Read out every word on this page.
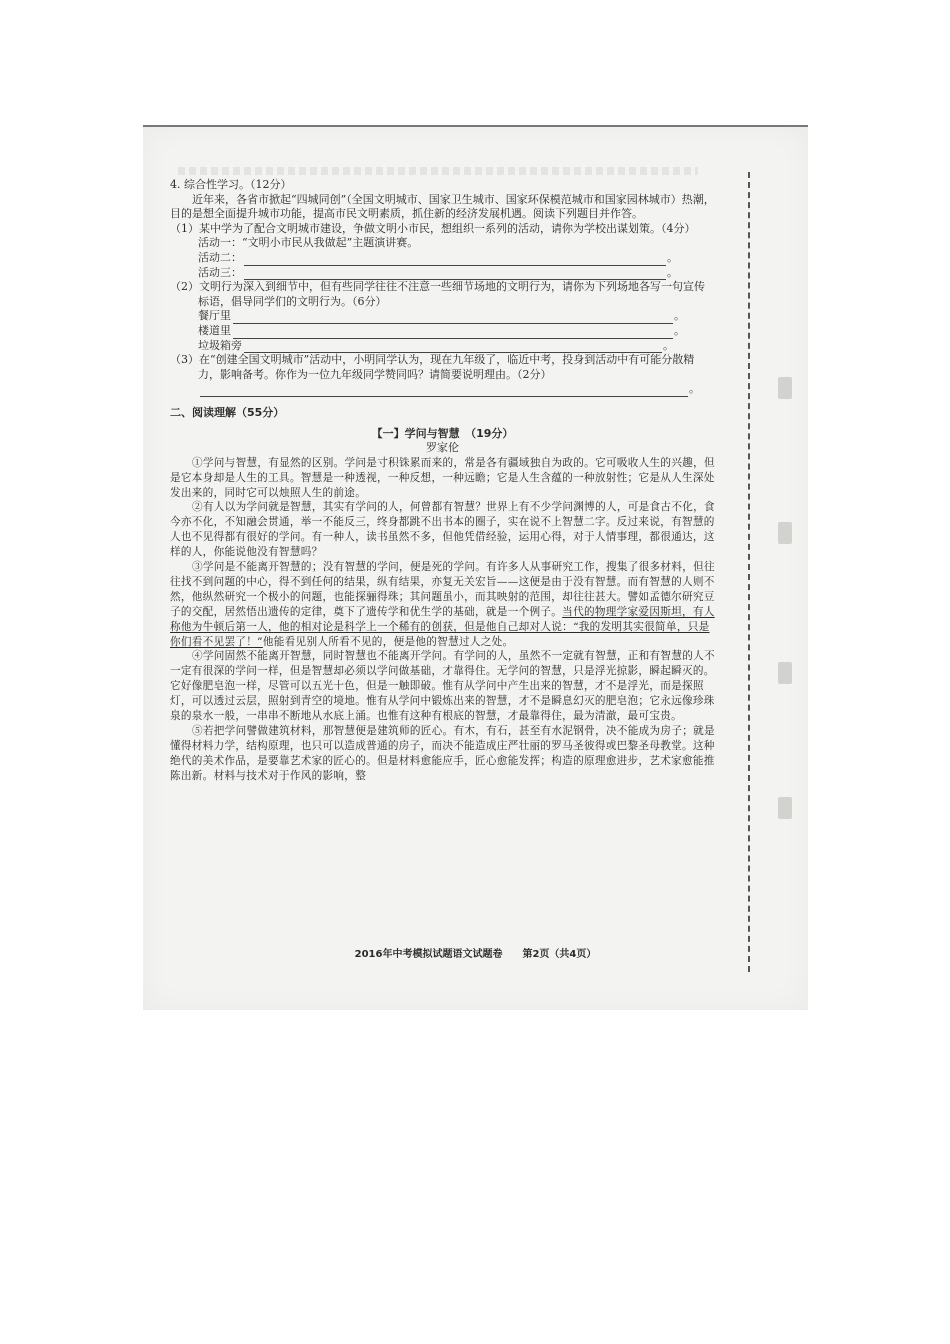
4. 综合性学习。（12分）

近年来，各省市掀起“四城同创”（全国文明城市、国家卫生城市、国家环保模范城市和国家园林城市）热潮，目的是想全面提升城市功能，提高市民文明素质，抓住新的经济发展机遇。阅读下列题目并作答。

（1）某中学为了配合文明城市建设，争做文明小市民，想组织一系列的活动，请你为学校出谋划策。（4分）

活动一：“文明小市民从我做起”主题演讲赛。

活动二：	。
活动三：	。

（2）文明行为深入到细节中，但有些同学往往不注意一些细节场地的文明行为，请你为下列场地各写一句宣传标语，倡导同学们的文明行为。（6分）

餐厅里	。
楼道里	。
垃圾箱旁	。

（3）在“创建全国文明城市”活动中，小明同学认为，现在九年级了，临近中考，投身到活动中有可能分散精力，影响备考。你作为一位九年级同学赞同吗？请简要说明理由。（2分）

。

二、阅读理解（55分）

【一】学问与智慧　（19分）

罗家伦

①学问与智慧，有显然的区别。学问是寸积铢累而来的，常是各有疆域独自为政的。它可吸收人生的兴趣，但是它本身却是人生的工具。智慧是一种透视，一种反想，一种远瞻；它是人生含蕴的一种放射性；它是从人生深处发出来的，同时它可以烛照人生的前途。

②有人以为学问就是智慧，其实有学问的人，何曾都有智慧？世界上有不少学问渊博的人，可是食古不化，食今亦不化，不知融会贯通，举一不能反三，终身都跳不出书本的圈子，实在说不上智慧二字。反过来说，有智慧的人也不见得都有很好的学问。有一种人，读书虽然不多，但他凭借经验，运用心得，对于人情事理，都很通达，这样的人，你能说他没有智慧吗？

③学问是不能离开智慧的；没有智慧的学问，便是死的学问。有许多人从事研究工作，搜集了很多材料，但往往找不到问题的中心，得不到任何的结果，纵有结果，亦复无关宏旨——这便是由于没有智慧。而有智慧的人则不然，他纵然研究一个极小的问题，也能探骊得珠；其问题虽小，而其映射的范围，却往往甚大。譬如孟德尔研究豆子的交配，居然悟出遗传的定律，奠下了遗传学和优生学的基础，就是一个例子。当代的物理学家爱因斯坦，有人称他为牛顿后第一人，他的相对论是科学上一个稀有的创获，但是他自己却对人说：“我的发明其实很简单，只是你们看不见罢了！”他能看见别人所看不见的，便是他的智慧过人之处。

④学问固然不能离开智慧，同时智慧也不能离开学问。有学问的人，虽然不一定就有智慧，正和有智慧的人不一定有很深的学问一样，但是智慧却必须以学问做基础，才靠得住。无学问的智慧，只是浮光掠影，瞬起瞬灭的。它好像肥皂泡一样，尽管可以五光十色，但是一触即破。惟有从学问中产生出来的智慧，才不是浮光，而是探照灯，可以透过云层，照射到青空的境地。惟有从学问中锻炼出来的智慧，才不是瞬息幻灭的肥皂泡；它永远像珍珠泉的泉水一般，一串串不断地从水底上涌。也惟有这种有根底的智慧，才最靠得住，最为清澈，最可宝贵。

⑤若把学问譬做建筑材料，那智慧便是建筑师的匠心。有木，有石，甚至有水泥钢骨，决不能成为房子；就是懂得材料力学，结构原理，也只可以造成普通的房子，而决不能造成庄严壮丽的罗马圣彼得或巴黎圣母教堂。这种绝代的美术作品，是要靠艺术家的匠心的。但是材料愈能应手，匠心愈能发挥；构造的原理愈进步，艺术家愈能推陈出新。材料与技术对于作风的影响，整

2016年中考模拟试题语文试题卷　　第2页（共4页）
